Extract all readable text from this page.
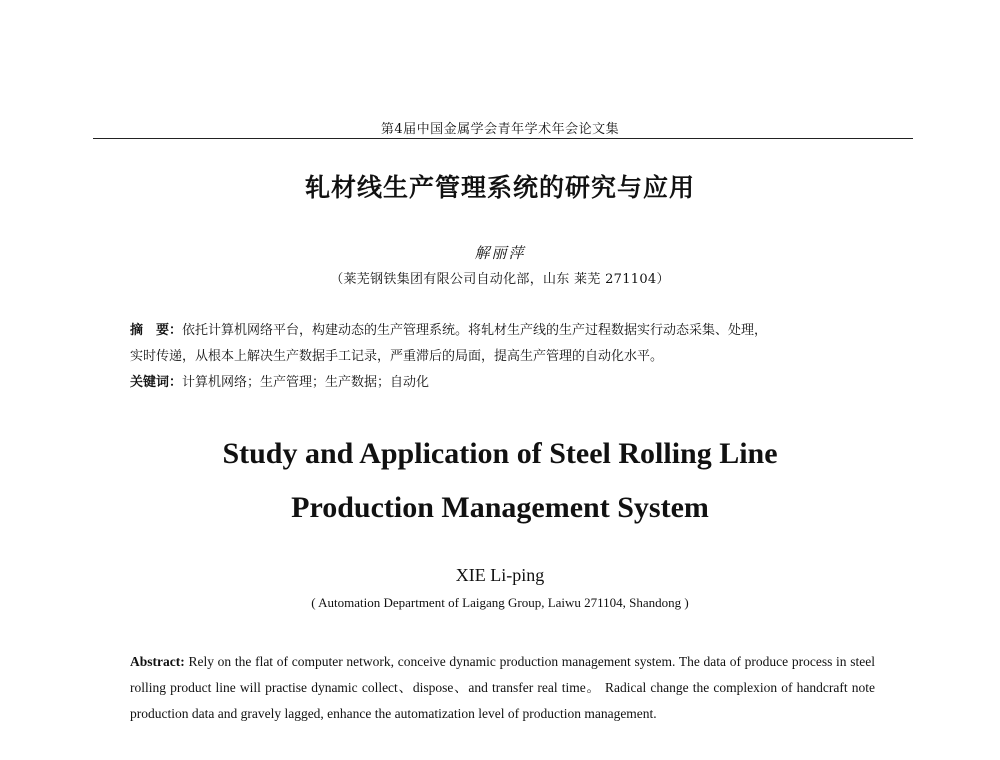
第4届中国金属学会青年学术年会论文集
轧材线生产管理系统的研究与应用
解丽萍
（莱芜钢铁集团有限公司自动化部，山东 莱芜 271104）
摘　要：依托计算机网络平台，构建动态的生产管理系统。将轧材生产线的生产过程数据实行动态采集、处理，
实时传递，从根本上解决生产数据手工记录，严重滞后的局面，提高生产管理的自动化水平。
关键词：计算机网络；生产管理；生产数据；自动化
Study and Application of Steel Rolling Line
Production Management System
XIE Li-ping
( Automation Department of Laigang Group, Laiwu 271104, Shandong )
Abstract: Rely on the flat of computer network, conceive dynamic production management system. The data of produce process in steel rolling product line will practise dynamic collect、dispose、and transfer real time。 Radical change the complexion of handcraft note production data and gravely lagged, enhance the automatization level of production management.
